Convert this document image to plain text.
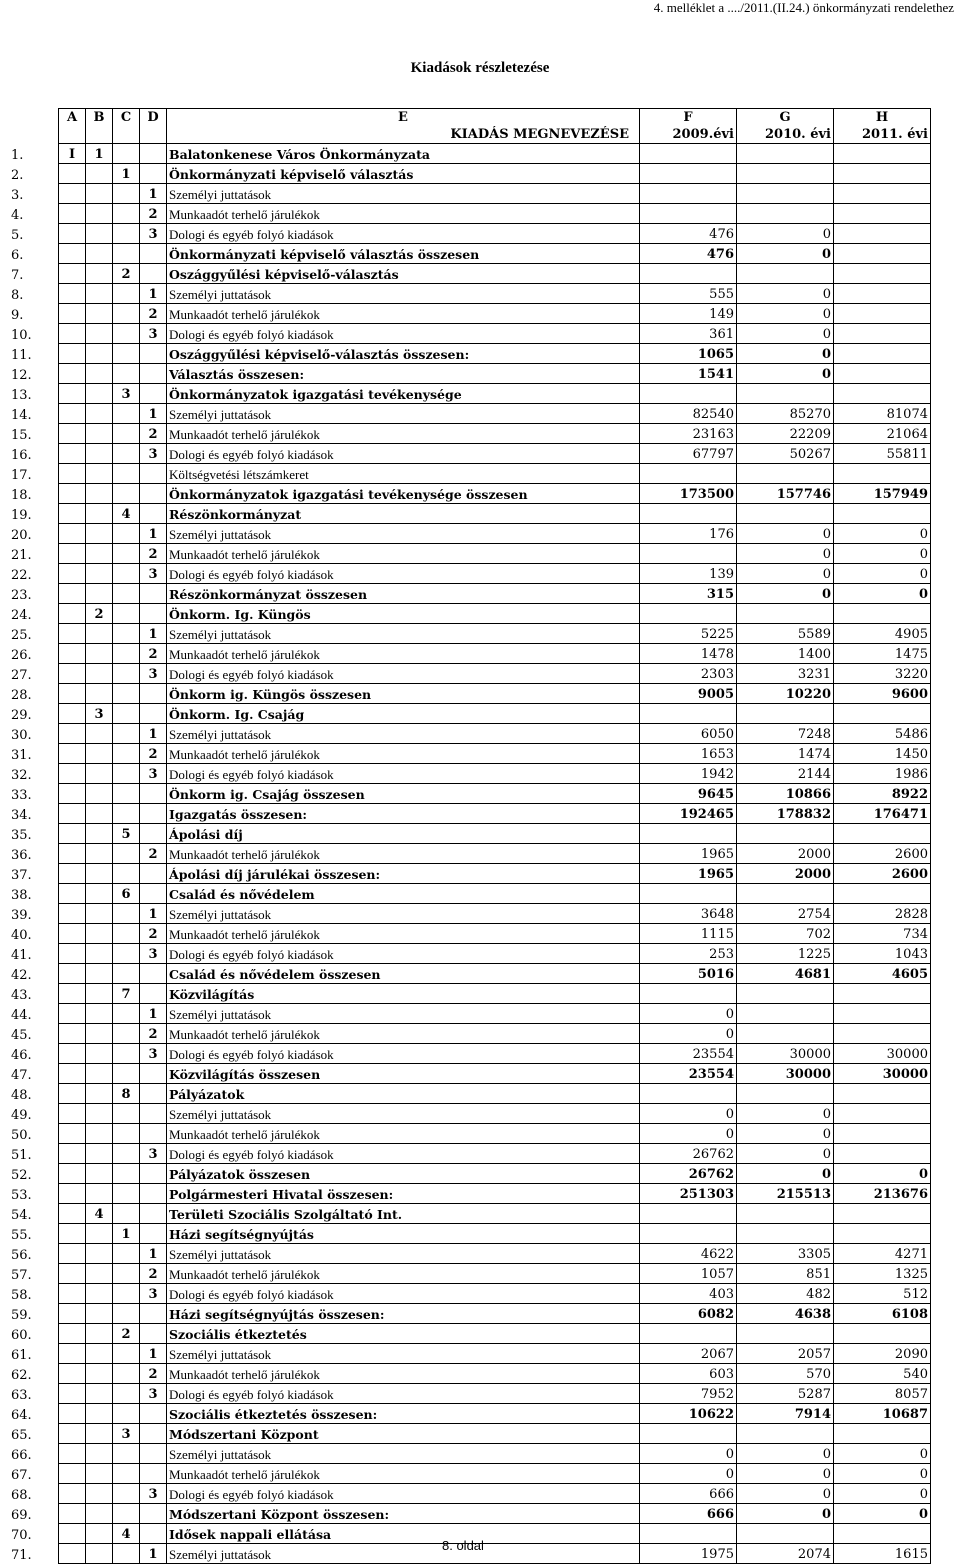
4. melléklet a ..../2011.(II.24.) önkormányzati rendelethez
Kiadások részletezése
	A	B	C	D	E	F	G	H
					KIADÁS MEGNEVEZÉSE	2009.évi	2010. évi	2011. évi
1.	I	1			Balatonkenese Város Önkormányzata			
2.			1		Önkormányzati képviselő választás			
3.				1	Személyi juttatások			
4.				2	Munkaadót terhelő járulékok			
5.				3	Dologi és egyéb folyó kiadások	476	0	
6.					Önkormányzati képviselő választás összesen	476	0	
7.			2		Oszággyűlési képviselő-választás			
8.				1	Személyi juttatások	555	0	
9.				2	Munkaadót terhelő járulékok	149	0	
10.				3	Dologi és egyéb folyó kiadások	361	0	
11.					Oszággyűlési képviselő-választás összesen:	1065	0	
12.					Választás összesen:	1541	0	
13.			3		Önkormányzatok igazgatási tevékenysége			
14.				1	Személyi juttatások	82540	85270	81074
15.				2	Munkaadót terhelő járulékok	23163	22209	21064
16.				3	Dologi és egyéb folyó kiadások	67797	50267	55811
17.					Költségvetési létszámkeret			
18.					Önkormányzatok igazgatási tevékenysége összesen	173500	157746	157949
19.			4		Részönkormányzat			
20.				1	Személyi juttatások	176	0	0
21.				2	Munkaadót terhelő járulékok		0	0
22.				3	Dologi és egyéb folyó kiadások	139	0	0
23.					Részönkormányzat összesen	315	0	0
24.		2			Önkorm. Ig. Küngös			
25.				1	Személyi juttatások	5225	5589	4905
26.				2	Munkaadót terhelő járulékok	1478	1400	1475
27.				3	Dologi és egyéb folyó kiadások	2303	3231	3220
28.					Önkorm ig. Küngös összesen	9005	10220	9600
29.		3			Önkorm. Ig. Csajág			
30.				1	Személyi juttatások	6050	7248	5486
31.				2	Munkaadót terhelő járulékok	1653	1474	1450
32.				3	Dologi és egyéb folyó kiadások	1942	2144	1986
33.					Önkorm ig. Csajág összesen	9645	10866	8922
34.					Igazgatás összesen:	192465	178832	176471
35.			5		Ápolási díj			
36.				2	Munkaadót terhelő járulékok	1965	2000	2600
37.					Ápolási díj járulékai összesen:	1965	2000	2600
38.			6		Család és nővédelem			
39.				1	Személyi juttatások	3648	2754	2828
40.				2	Munkaadót terhelő járulékok	1115	702	734
41.				3	Dologi és egyéb folyó kiadások	253	1225	1043
42.					Család és nővédelem összesen	5016	4681	4605
43.			7		Közvilágítás			
44.				1	Személyi juttatások	0		
45.				2	Munkaadót terhelő járulékok	0		
46.				3	Dologi és egyéb folyó kiadások	23554	30000	30000
47.					Közvilágítás összesen	23554	30000	30000
48.			8		Pályázatok			
49.					Személyi juttatások	0	0	
50.					Munkaadót terhelő járulékok	0	0	
51.				3	Dologi és egyéb folyó kiadások	26762	0	
52.					Pályázatok összesen	26762	0	0
53.					Polgármesteri Hivatal összesen:	251303	215513	213676
54.		4			Területi Szociális Szolgáltató Int.			
55.			1		Házi segítségnyújtás			
56.				1	Személyi juttatások	4622	3305	4271
57.				2	Munkaadót terhelő járulékok	1057	851	1325
58.				3	Dologi és egyéb folyó kiadások	403	482	512
59.					Házi segítségnyújtás összesen:	6082	4638	6108
60.			2		Szociális étkeztetés			
61.				1	Személyi juttatások	2067	2057	2090
62.				2	Munkaadót terhelő járulékok	603	570	540
63.				3	Dologi és egyéb folyó kiadások	7952	5287	8057
64.					Szociális étkeztetés összesen:	10622	7914	10687
65.			3		Módszertani Központ			
66.					Személyi juttatások	0	0	0
67.					Munkaadót terhelő járulékok	0	0	0
68.				3	Dologi és egyéb folyó kiadások	666	0	0
69.					Módszertani Központ összesen:	666	0	0
70.			4		Idősek nappali ellátása			
71.				1	Személyi juttatások	1975	2074	1615
8. oldal
